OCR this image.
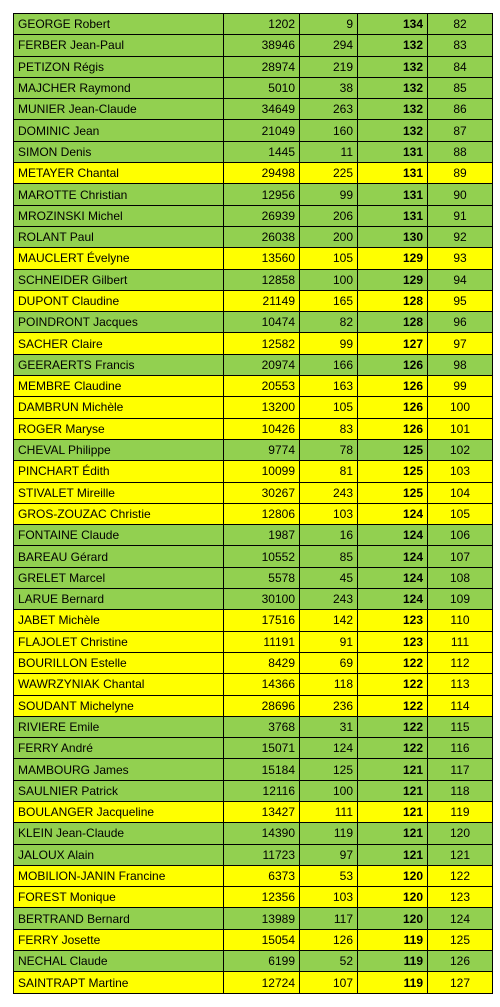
GEORGE Robert	1202	9	134	82
FERBER Jean-Paul	38946	294	132	83
PETIZON Régis	28974	219	132	84
MAJCHER Raymond	5010	38	132	85
MUNIER Jean-Claude	34649	263	132	86
DOMINIC Jean	21049	160	132	87
SIMON Denis	1445	11	131	88
METAYER Chantal	29498	225	131	89
MAROTTE Christian	12956	99	131	90
MROZINSKI Michel	26939	206	131	91
ROLANT Paul	26038	200	130	92
MAUCLERT Évelyne	13560	105	129	93
SCHNEIDER Gilbert	12858	100	129	94
DUPONT Claudine	21149	165	128	95
POINDRONT Jacques	10474	82	128	96
SACHER Claire	12582	99	127	97
GEERAERTS Francis	20974	166	126	98
MEMBRE Claudine	20553	163	126	99
DAMBRUN Michèle	13200	105	126	100
ROGER Maryse	10426	83	126	101
CHEVAL Philippe	9774	78	125	102
PINCHART Édith	10099	81	125	103
STIVALET Mireille	30267	243	125	104
GROS-ZOUZAC Christie	12806	103	124	105
FONTAINE Claude	1987	16	124	106
BAREAU Gérard	10552	85	124	107
GRELET Marcel	5578	45	124	108
LARUE Bernard	30100	243	124	109
JABET Michèle	17516	142	123	110
FLAJOLET Christine	11191	91	123	111
BOURILLON Estelle	8429	69	122	112
WAWRZYNIAK Chantal	14366	118	122	113
SOUDANT Michelyne	28696	236	122	114
RIVIERE Emile	3768	31	122	115
FERRY André	15071	124	122	116
MAMBOURG James	15184	125	121	117
SAULNIER Patrick	12116	100	121	118
BOULANGER Jacqueline	13427	111	121	119
KLEIN Jean-Claude	14390	119	121	120
JALOUX Alain	11723	97	121	121
MOBILION-JANIN Francine	6373	53	120	122
FOREST Monique	12356	103	120	123
BERTRAND Bernard	13989	117	120	124
FERRY Josette	15054	126	119	125
NECHAL Claude	6199	52	119	126
SAINTRAPT Martine	12724	107	119	127
